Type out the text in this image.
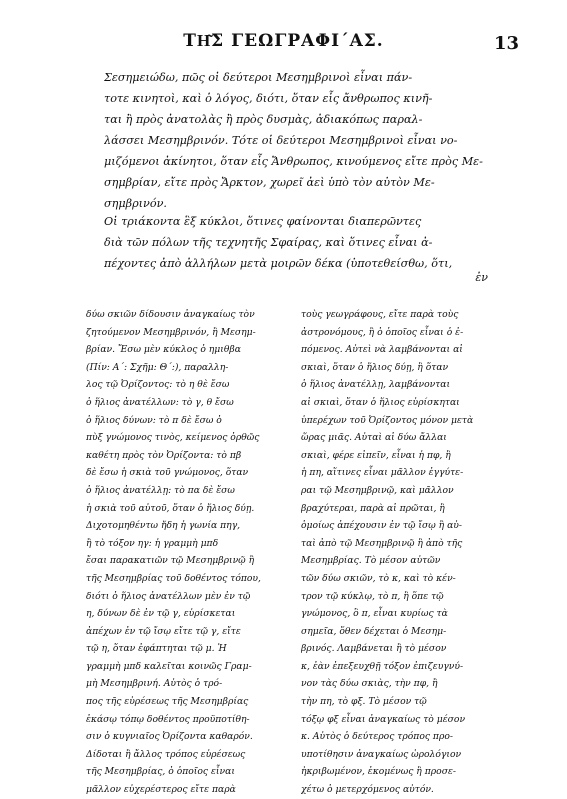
ΤΗ͂Σ ΓΕΩΓΡΑΦΙ΄ΑΣ.	13
Σεσημειώδω, πῶς οἱ δεύτεροι Μεσημβρινοὶ εἶναι πάν-
τοτε κινητοὶ, καὶ ὁ λόγος, διότι, ὅταν εἷς ἄνθρωπος κινῆ-
ται ἢ πρὸς ἀνατολὰς ἢ πρὸς δυσμὰς, ἀδιακόπως παραλ-
λάσσει Μεσημβρινόν. Τότε οἱ δεύτεροι Μεσημβρινοὶ εἶναι νο-
μιζόμενοι ἀκίνητοι, ὅταν εἷς Ἄνθρωπος, κινούμενος εἴτε πρὸς Με-
σημβρίαν, εἴτε πρὸς Ἄρκτον, χωρεῖ ἀεὶ ὑπὸ τὸν αὐτὸν Με-
σημβρινόν.
Οἱ τριάκοντα ἓξ κύκλοι, ὅτινες φαίνονται διαπερῶντες
διὰ τῶν πόλων τῆς τεχνητῆς Σφαίρας, καὶ ὅτινες εἶναι ἀ-
πέχοντες ἀπὸ ἀλλήλων μετὰ μοιρῶν δέκα (ὑποτεθείσθω, ὅτι,
ἐν
δύω σκιῶν δίδουσιν ἀναγκαίως τὸν
ζητούμενον Μεσημβρινόν, ἢ Μεσημ-
βρίαν. Ἔσω μὲν κύκλος ὁ ημιθβα
(Πίν: Α΄: Σχῆμ: Θ΄:), παραλλη-
λος τῷ Ὀρίζοντος: τὸ η θὲ ἔσω
ὁ ἥλιος ἀνατέλλων: τὸ γ, θ ἔσω
ὁ ἥλιος δύνων: τὸ π δὲ ἔσω ὁ
πὺξ γνώμονος τινὸς, κείμενος ὀρθῶς
καθέτη πρὸς τὸν Ὀρίζοντα: τὸ πβ
δὲ ἔσω ἡ σκιὰ τοῦ γνώμονος, ὅταν
ὁ ἥλιος ἀνατέλλῃ: τὸ πα δὲ ἔσω
ἡ σκιὰ τοῦ αὐτοῦ, ὅταν ὁ ἥλιος δύῃ.
Διχοτομηθέντω ἤδη ἡ γωνία πηγ,
ἢ τὸ τόξον ηγ: ἡ γραμμὴ μπδ
ἔσαι παρακατιῶν τῷ Μεσημβρινῷ ἢ
τῆς Μεσημβρίας τοῦ δοθέντος τόπου,
διότι ὁ ἥλιος ἀνατέλλων μὲν ἐν τῷ
η, δύνων δὲ ἐν τῷ γ, εὑρίσκεται
ἀπέχων ἐν τῷ ἴσῳ εἴτε τῷ γ, εἴτε
τῷ η, ὅταν ἐφάπτηται τῷ μ. Ἡ
γραμμὴ μπδ καλεῖται κοινῶς Γραμ-
μὴ Μεσημβρινή. Αὐτὸς ὁ τρό-
πος τῆς εὑρέσεως τῆς Μεσημβρίας
ἐκάσῳ τόπῳ δοθέντος προϋποτίθη-
σιν ὁ κυγνιαῖος Ὀρίζοντα καθαρόν.
Δίδοται ἢ ἄλλος τρόπος εὑρέσεως
τῆς Μεσημβρίας, ὁ ὁποῖος εἶναι
μᾶλλον εὐχερέστερος εἴτε παρὰ
τοὺς γεωγράφους, εἴτε παρὰ τοὺς
ἀστρονόμους, ἢ ὁ ὁποῖος εἶναι ὁ ἐ-
πόμενος. Αὐτεὶ νὰ λαμβάνονται αἱ
σκιαὶ, ὅταν ὁ ἥλιος δύῃ, ἢ ὅταν
ὁ ἥλιος ἀνατέλλῃ, λαμβάνονται
αἱ σκιαὶ, ὅταν ὁ ἥλιος εὑρίσκηται
ὑπερέχων τοῦ Ὀρίζοντος μόνον μετὰ
ὥρας μιᾶς. Αὐταὶ αἱ δύω ἄλλαι
σκιαὶ, φέρε εἰπεῖν, εἶναι ἡ πφ, ἢ
ἡ πη, αἵτινες εἶναι μᾶλλον ἐγγύτε-
ραι τῷ Μεσημβρινῷ, καὶ μᾶλλον
βραχύτεραι, παρὰ αἱ πρῶται, ἢ
ὁμοίως ἀπέχουσιν ἐν τῷ ἴσῳ ἢ αὐ-
ταὶ ἀπὸ τῷ Μεσημβρινῷ ἢ ἀπὸ τῆς
Μεσημβρίας. Τὸ μέσον αὐτῶν
τῶν δύω σκιῶν, τὸ κ, καὶ τὸ κέν-
τρον τῷ κύκλῳ, τὸ π, ἢ ὅπε τῷ
γνώμονος, ὃ π, εἶναι κυρίως τὰ
σημεῖα, ὅθεν δέχεται ὁ Μεσημ-
βρινός. Λαμβάνεται ἢ τὸ μέσον
κ, ἐὰν ἐπεξευχθῇ τόξον ἐπιζευγνύ-
νον τὰς δύω σκιὰς, τὴν πφ, ἢ
τὴν πη, τὸ φξ. Τὸ μέσον τῷ
τόξῳ φξ εἶναι ἀναγκαίως τὸ μέσον
κ. Αὐτὸς ὁ δεύτερος τρόπος προ-
υποτίθησιν ἀναγκαίως ὡρολόγιον
ἠκριβωμένον, ἐκομένως ἢ προσε-
χέτω ὁ μετερχόμενος αὐτόν.
